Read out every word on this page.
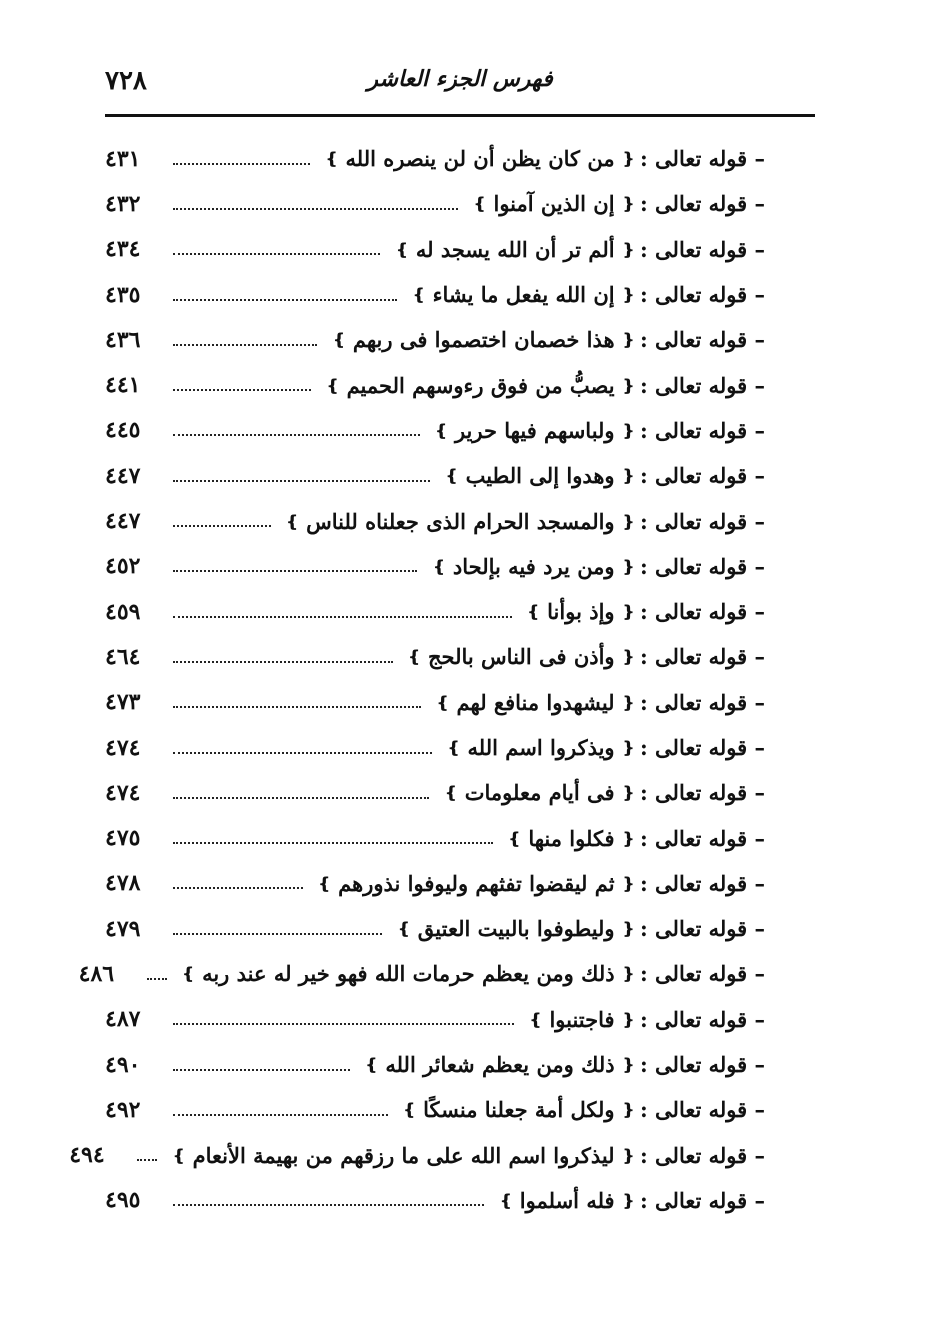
٧٢٨	فهرس الجزء العاشر
– قوله تعالى :
❴
من كان يظن أن لن ينصره الله
❵
٤٣١
– قوله تعالى :
❴
إن الذين آمنوا
❵
٤٣٢
– قوله تعالى :
❴
ألم تر أن الله يسجد له
❵
٤٣٤
– قوله تعالى :
❴
إن الله يفعل ما يشاء
❵
٤٣٥
– قوله تعالى :
❴
هذا خصمان اختصموا فى ربهم
❵
٤٣٦
– قوله تعالى :
❴
يصبُّ من فوق رءوسهم الحميم
❵
٤٤١
– قوله تعالى :
❴
ولباسهم فيها حرير
❵
٤٤٥
– قوله تعالى :
❴
وهدوا إلى الطيب
❵
٤٤٧
– قوله تعالى :
❴
والمسجد الحرام الذى جعلناه للناس
❵
٤٤٧
– قوله تعالى :
❴
ومن يرد فيه بإلحاد
❵
٤٥٢
– قوله تعالى :
❴
وإذ بوأنا
❵
٤٥٩
– قوله تعالى :
❴
وأذن فى الناس بالحج
❵
٤٦٤
– قوله تعالى :
❴
ليشهدوا منافع لهم
❵
٤٧٣
– قوله تعالى :
❴
ويذكروا اسم الله
❵
٤٧٤
– قوله تعالى :
❴
فى أيام معلومات
❵
٤٧٤
– قوله تعالى :
❴
فكلوا منها
❵
٤٧٥
– قوله تعالى :
❴
ثم ليقضوا تفثهم وليوفوا نذورهم
❵
٤٧٨
– قوله تعالى :
❴
وليطوفوا بالبيت العتيق
❵
٤٧٩
– قوله تعالى :
❴
ذلك ومن يعظم حرمات الله فهو خير له عند ربه
❵
٤٨٦
– قوله تعالى :
❴
فاجتنبوا
❵
٤٨٧
– قوله تعالى :
❴
ذلك ومن يعظم شعائر الله
❵
٤٩٠
– قوله تعالى :
❴
ولكل أمة جعلنا منسكًا
❵
٤٩٢
– قوله تعالى :
❴
ليذكروا اسم الله على ما رزقهم من بهيمة الأنعام
❵
٤٩٤
– قوله تعالى :
❴
فله أسلموا
❵
٤٩٥
